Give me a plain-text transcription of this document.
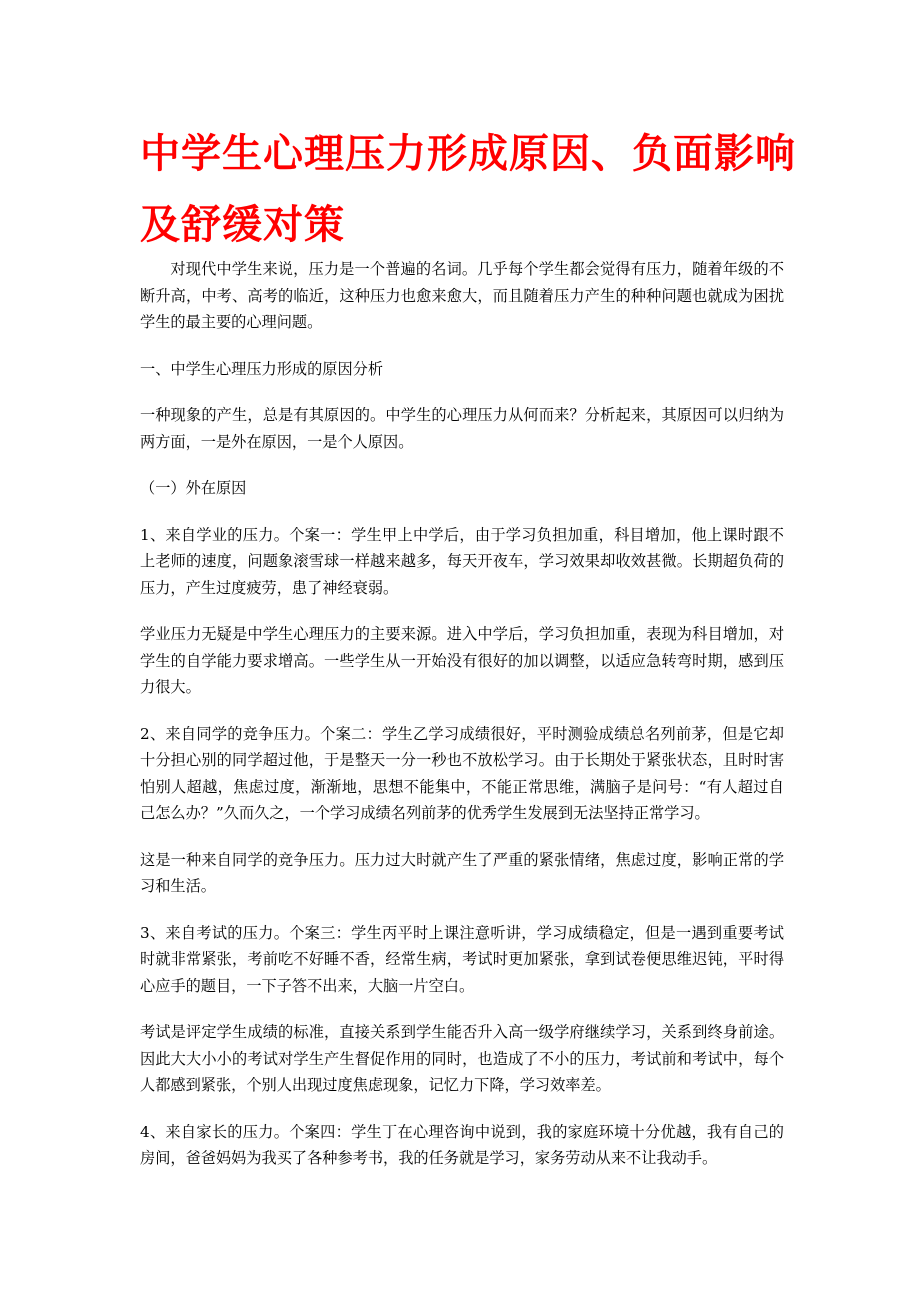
中学生心理压力形成原因、负面影响及舒缓对策

对现代中学生来说，压力是一个普遍的名词。几乎每个学生都会觉得有压力，随着年级的不断升高，中考、高考的临近，这种压力也愈来愈大，而且随着压力产生的种种问题也就成为困扰学生的最主要的心理问题。

一、中学生心理压力形成的原因分析

一种现象的产生，总是有其原因的。中学生的心理压力从何而来？分析起来，其原因可以归纳为两方面，一是外在原因，一是个人原因。

（一）外在原因

1、来自学业的压力。个案一：学生甲上中学后，由于学习负担加重，科目增加，他上课时跟不上老师的速度，问题象滚雪球一样越来越多，每天开夜车，学习效果却收效甚微。长期超负荷的压力，产生过度疲劳，患了神经衰弱。

学业压力无疑是中学生心理压力的主要来源。进入中学后，学习负担加重，表现为科目增加，对学生的自学能力要求增高。一些学生从一开始没有很好的加以调整，以适应急转弯时期，感到压力很大。

2、来自同学的竞争压力。个案二：学生乙学习成绩很好，平时测验成绩总名列前茅，但是它却十分担心别的同学超过他，于是整天一分一秒也不放松学习。由于长期处于紧张状态，且时时害怕别人超越，焦虑过度，渐渐地，思想不能集中，不能正常思维，满脑子是问号：“有人超过自己怎么办？”久而久之，一个学习成绩名列前茅的优秀学生发展到无法坚持正常学习。

这是一种来自同学的竞争压力。压力过大时就产生了严重的紧张情绪，焦虑过度，影响正常的学习和生活。

3、来自考试的压力。个案三：学生丙平时上课注意听讲，学习成绩稳定，但是一遇到重要考试时就非常紧张，考前吃不好睡不香，经常生病，考试时更加紧张，拿到试卷便思维迟钝，平时得心应手的题目，一下子答不出来，大脑一片空白。

考试是评定学生成绩的标准，直接关系到学生能否升入高一级学府继续学习，关系到终身前途。因此大大小小的考试对学生产生督促作用的同时，也造成了不小的压力，考试前和考试中，每个人都感到紧张，个别人出现过度焦虑现象，记忆力下降，学习效率差。

4、来自家长的压力。个案四：学生丁在心理咨询中说到，我的家庭环境十分优越，我有自己的房间，爸爸妈妈为我买了各种参考书，我的任务就是学习，家务劳动从来不让我动手。
